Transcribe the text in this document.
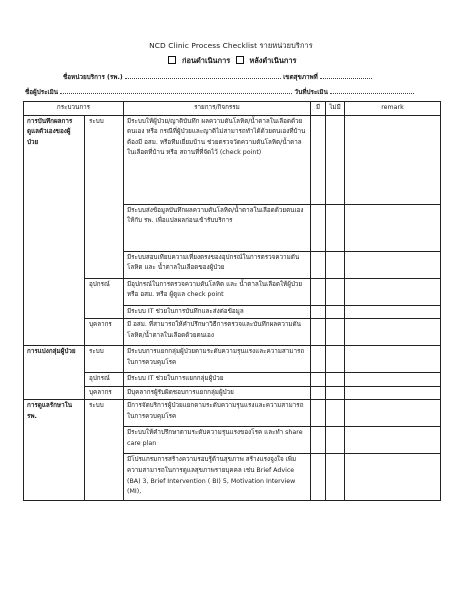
NCD Clinic Process Checklist รายหน่วยบริการ
ก่อนดำเนินการ	หลังดำเนินการ
ชื่อหน่วยบริการ (รพ.)	เขตสุขภาพที่
ชื่อผู้ประเมิน	วันที่ประเมิน
กระบวนการ		รายการ/กิจกรรม	มี	ไม่มี	remark
การบันทึกผลการดูแลตัวเองของผู้ป่วย	ระบบ	มีระบบให้ผู้ป่วย/ญาติบันทึก ผลความดันโลหิต/น้ำตาลในเลือดด้วยตนเอง หรือ กรณีที่ผู้ป่วยและญาติไม่สามารถทำได้ด้วยตนเองที่บ้าน ต้องมี อสม. หรือทีมเยี่ยมบ้าน ช่วยตรวจวัดความดันโลหิต/น้ำตาลในเลือดที่บ้าน หรือ สถานที่ที่จัดไว้ (check point)			
		มีระบบส่งข้อมูลบันทึกผลความดันโลหิต/น้ำตาลในเลือดด้วยตนเองให้กับ รพ. เพื่อแปลผลก่อนเข้ารับบริการ			
		มีระบบสอบเทียบความเที่ยงตรงของอุปกรณ์ในการตรวจความดันโลหิต และ น้ำตาลในเลือดของผู้ป่วย			
	อุปกรณ์	มีอุปกรณ์ในการตรวจความดันโลหิต และ น้ำตาลในเลือดให้ผู้ป่วย หรือ อสม. หรือ ผู้ดูแล check point			
		มีระบบ IT ช่วยในการบันทึกและส่งต่อข้อมูล			
	บุคลากร	มี อสม. ที่สามารถให้คำปรึกษาวิธีการตรวจและบันทึกผลความดันโลหิต/น้ำตาลในเลือดด้วยตนเอง			
การแบ่งกลุ่มผู้ป่วย	ระบบ	มีระบบการแยกกลุ่มผู้ป่วยตามระดับความรุนแรงและความสามารถในการควบคุมโรค			
	อุปกรณ์	มีระบบ IT ช่วยในการแยกกลุ่มผู้ป่วย			
	บุคลากร	มีบุคลากรผู้รับผิดชอบการแยกกลุ่มผู้ป่วย			
การดูแลรักษาใน รพ.	ระบบ	มีการจัดบริการผู้ป่วยแยกตามระดับความรุนแรงและความสามารถในการควบคุมโรค			
		มีระบบให้คำปรึกษาตามระดับความรุนแรงของโรค และทำ share care plan			
		มีโปรแกรมการสร้างความรอบรู้ด้านสุขภาพ สร้างแรงจูงใจ เพิ่มความสามารถในการดูแลสุขภาพรายบุคคล เช่น Brief Advice (BA) 3, Brief Intervention ( BI) 5, Motivation Interview (MI),			
